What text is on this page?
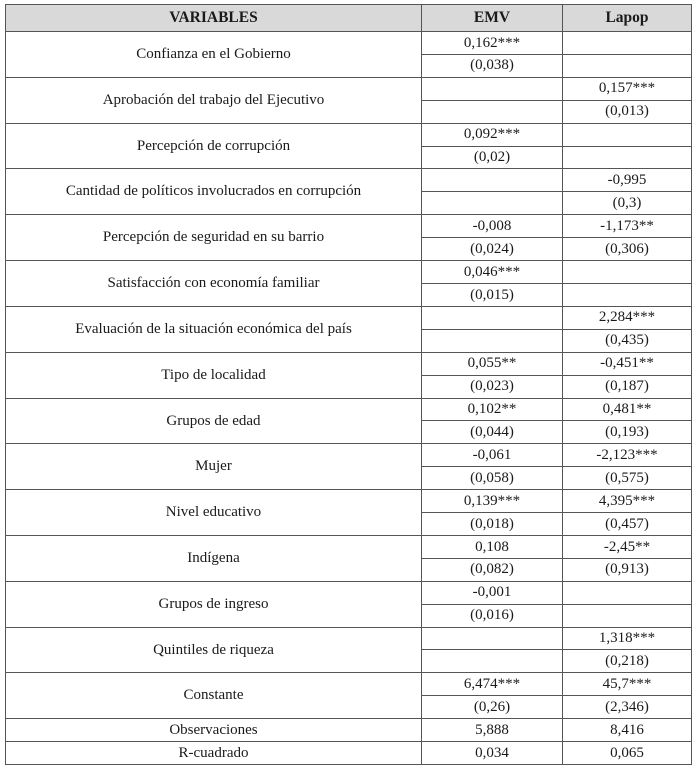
VARIABLES	EMV	Lapop
Confianza en el Gobierno	0,162***	
	(0,038)	
Aprobación del trabajo del Ejecutivo		0,157***
		(0,013)
Percepción de corrupción	0,092***	
	(0,02)	
Cantidad de políticos involucrados en corrupción		-0,995
		(0,3)
Percepción de seguridad en su barrio	-0,008	-1,173**
	(0,024)	(0,306)
Satisfacción con economía familiar	0,046***	
	(0,015)	
Evaluación de la situación económica del país		2,284***
		(0,435)
Tipo de localidad	0,055**	-0,451**
	(0,023)	(0,187)
Grupos de edad	0,102**	0,481**
	(0,044)	(0,193)
Mujer	-0,061	-2,123***
	(0,058)	(0,575)
Nivel educativo	0,139***	4,395***
	(0,018)	(0,457)
Indígena	0,108	-2,45**
	(0,082)	(0,913)
Grupos de ingreso	-0,001	
	(0,016)	
Quintiles de riqueza		1,318***
		(0,218)
Constante	6,474***	45,7***
	(0,26)	(2,346)
Observaciones	5,888	8,416
R-cuadrado	0,034	0,065
